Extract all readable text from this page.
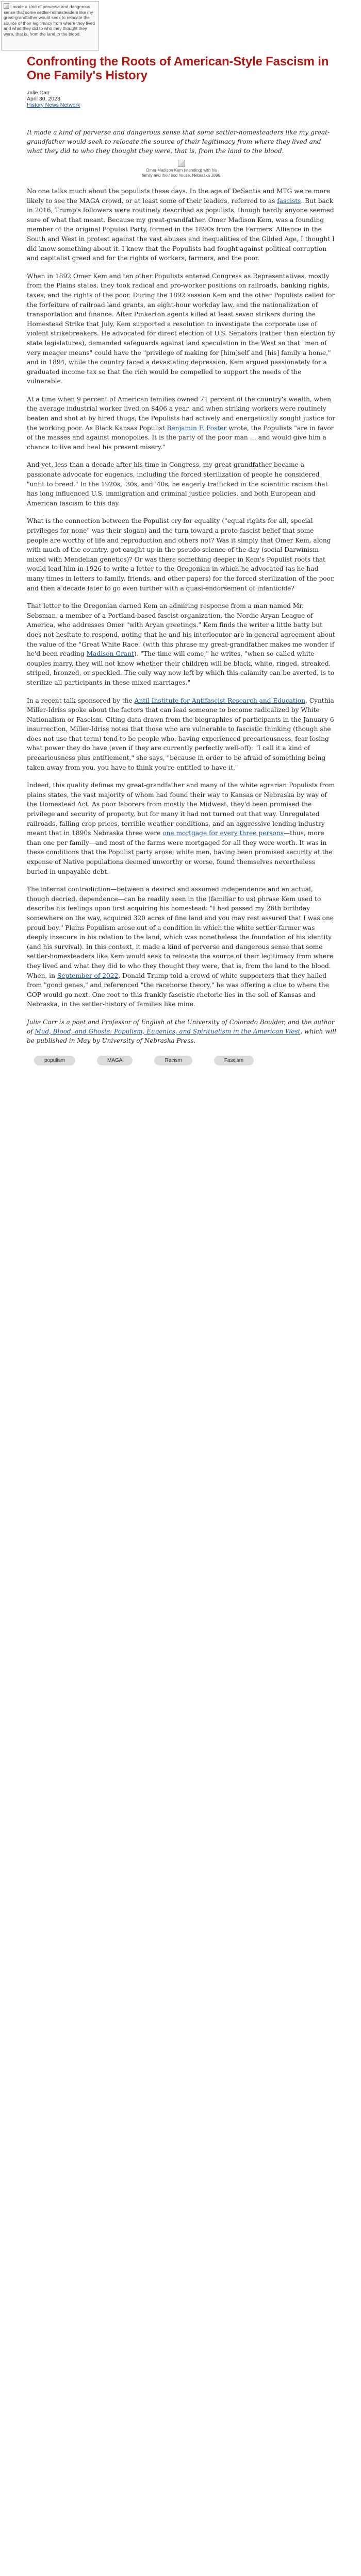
I made a kind of perverse and dangerous sense that some settler-homesteaders like my great-grandfather would seek to relocate the source of their legitimacy from where they lived and what they did to who they thought they were, that is, from the land to the blood.
Confronting the Roots of American-Style Fascism in One Family's History
Julie Carr
April 30, 2023
History News Network

It made a kind of perverse and dangerous sense that some settler-homesteaders like my great-grandfather would seek to relocate the source of their legitimacy from where they lived and what they did to who they thought they were, that is, from the land to the blood.

Omer Madison Kem (standing) with his family and their sod house, Nebraska 1886.

No one talks much about the populists these days. In the age of DeSantis and MTG we're more likely to see the MAGA crowd, or at least some of their leaders, referred to as fascists. But back in 2016, Trump's followers were routinely described as populists, though hardly anyone seemed sure of what that meant. Because my great-grandfather, Omer Madison Kem, was a founding member of the original Populist Party, formed in the 1890s from the Farmers' Alliance in the South and West in protest against the vast abuses and inequalities of the Gilded Age, I thought I did know something about it. I knew that the Populists had fought against political corruption and capitalist greed and for the rights of workers, farmers, and the poor.

When in 1892 Omer Kem and ten other Populists entered Congress as Representatives, mostly from the Plains states, they took radical and pro-worker positions on railroads, banking rights, taxes, and the rights of the poor. During the 1892 session Kem and the other Populists called for the forfeiture of railroad land grants, an eight-hour workday law, and the nationalization of transportation and finance. After Pinkerton agents killed at least seven strikers during the Homestead Strike that July, Kem supported a resolution to investigate the corporate use of violent strikebreakers. He advocated for direct election of U.S. Senators (rather than election by state legislatures), demanded safeguards against land speculation in the West so that "men of very meager means" could have the "privilege of making for [him]self and [his] family a home," and in 1894, while the country faced a devastating depression, Kem argued passionately for a graduated income tax so that the rich would be compelled to support the needs of the vulnerable.

At a time when 9 percent of American families owned 71 percent of the country's wealth, when the average industrial worker lived on $406 a year, and when striking workers were routinely beaten and shot at by hired thugs, the Populists had actively and energetically sought justice for the working poor. As Black Kansas Populist Benjamin F. Foster wrote, the Populists "are in favor of the masses and against monopolies. It is the party of the poor man … and would give him a chance to live and heal his present misery."

And yet, less than a decade after his time in Congress, my great-grandfather became a passionate advocate for eugenics, including the forced sterilization of people he considered "unfit to breed." In the 1920s, '30s, and '40s, he eagerly trafficked in the scientific racism that has long influenced U.S. immigration and criminal justice policies, and both European and American fascism to this day.

What is the connection between the Populist cry for equality ("equal rights for all, special privileges for none" was their slogan) and the turn toward a proto-fascist belief that some people are worthy of life and reproduction and others not? Was it simply that Omer Kem, along with much of the country, got caught up in the pseudo-science of the day (social Darwinism mixed with Mendelian genetics)? Or was there something deeper in Kem's Populist roots that would lead him in 1926 to write a letter to the Oregonian in which he advocated (as he had many times in letters to family, friends, and other papers) for the forced sterilization of the poor, and then a decade later to go even further with a quasi-endorsement of infanticide?

That letter to the Oregonian earned Kem an admiring response from a man named Mr. Sebsman, a member of a Portland-based fascist organization, the Nordic Aryan League of America, who addresses Omer "with Aryan greetings." Kem finds the writer a little batty but does not hesitate to respond, noting that he and his interlocutor are in general agreement about the value of the "Great White Race" (with this phrase my great-grandfather makes me wonder if he'd been reading Madison Grant). "The time will come," he writes, "when so-called white couples marry, they will not know whether their children will be black, white, ringed, streaked, striped, bronzed, or speckled. The only way now left by which this calamity can be averted, is to sterilize all participants in these mixed marriages."

In a recent talk sponsored by the Antil Institute for Antifascist Research and Education, Cynthia Miller-Idriss spoke about the factors that can lead someone to become radicalized by White Nationalism or Fascism. Citing data drawn from the biographies of participants in the January 6 insurrection, Miller-Idriss notes that those who are vulnerable to fascistic thinking (though she does not use that term) tend to be people who, having experienced precariousness, fear losing what power they do have (even if they are currently perfectly well-off): "I call it a kind of precariousness plus entitlement," she says, "because in order to be afraid of something being taken away from you, you have to think you're entitled to have it."

Indeed, this quality defines my great-grandfather and many of the white agrarian Populists from plains states, the vast majority of whom had found their way to Kansas or Nebraska by way of the Homestead Act. As poor laborers from mostly the Midwest, they'd been promised the privilege and security of property, but for many it had not turned out that way. Unregulated railroads, falling crop prices, terrible weather conditions, and an aggressive lending industry meant that in 1890s Nebraska three were one mortgage for every three persons—thus, more than one per family—and most of the farms were mortgaged for all they were worth. It was in these conditions that the Populist party arose; white men, having been promised security at the expense of Native populations deemed unworthy or worse, found themselves nevertheless buried in unpayable debt.

The internal contradiction—between a desired and assumed independence and an actual, though decried, dependence—can be readily seen in the (familiar to us) phrase Kem used to describe his feelings upon first acquiring his homestead: "I had passed my 26th birthday somewhere on the way, acquired 320 acres of fine land and you may rest assured that I was one proud boy." Plains Populism arose out of a condition in which the white settler-farmer was deeply insecure in his relation to the land, which was nonetheless the foundation of his identity (and his survival). In this context, it made a kind of perverse and dangerous sense that some settler-homesteaders like Kem would seek to relocate the source of their legitimacy from where they lived and what they did to who they thought they were, that is, from the land to the blood. When, in September of 2022, Donald Trump told a crowd of white supporters that they hailed from "good genes," and referenced "the racehorse theory," he was offering a clue to where the GOP would go next. One root to this frankly fascistic rhetoric lies in the soil of Kansas and Nebraska, in the settler-history of families like mine.

Julie Carr is a poet and Professor of English at the University of Colorado Boulder, and the author of Mud, Blood, and Ghosts: Populism, Eugenics, and Spiritualism in the American West, which will be published in May by University of Nebraska Press.

populism	MAGA	Racism	Fascism
